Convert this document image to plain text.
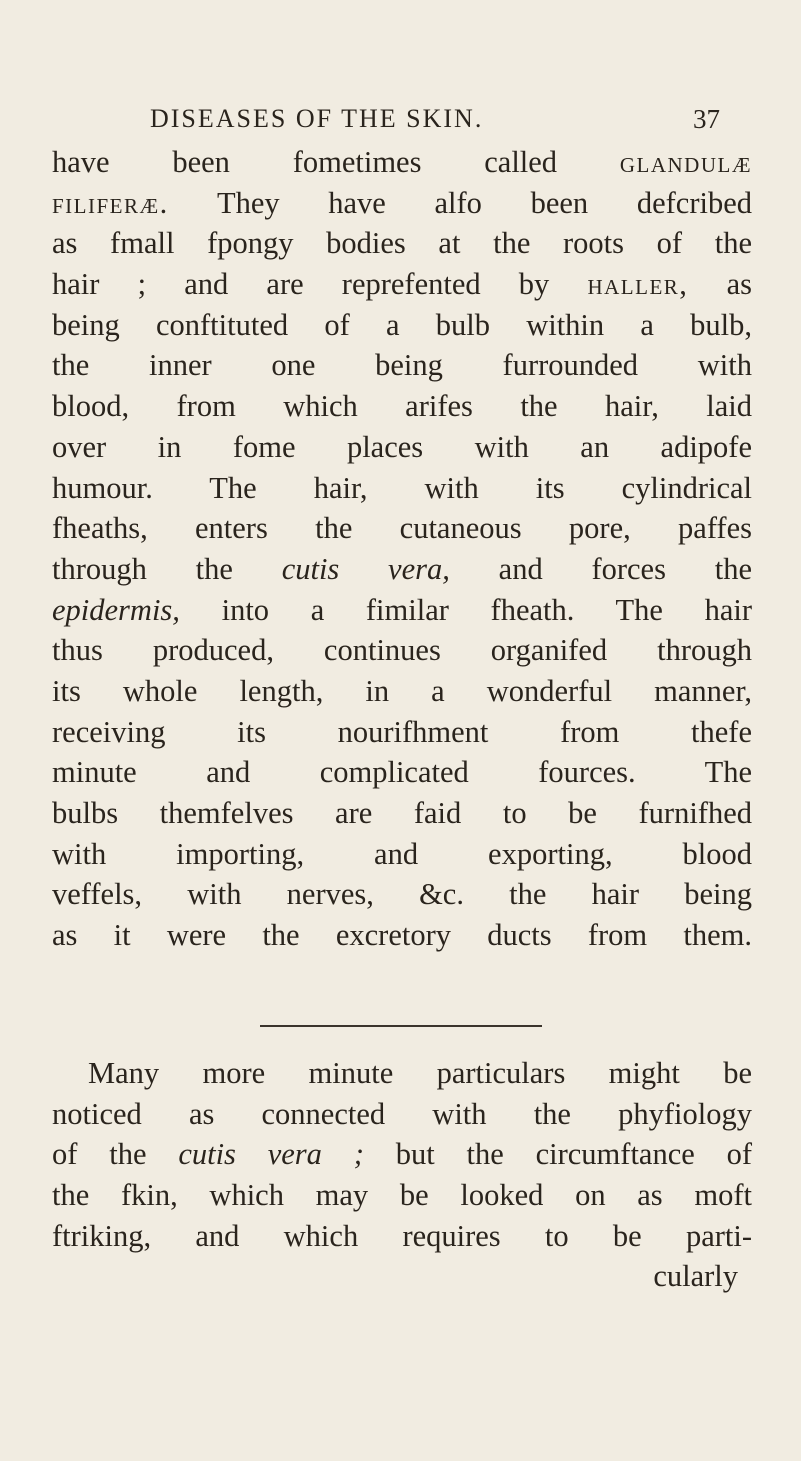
DISEASES OF THE SKIN.	37
have been fometimes called glandulæ
filiferæ. They have alfo been defcribed
as fmall fpongy bodies at the roots of the
hair ; and are reprefented by haller, as
being conftituted of a bulb within a bulb,
the inner one being furrounded with
blood, from which arifes the hair, laid
over in fome places with an adipofe
humour. The hair, with its cylindrical
fheaths, enters the cutaneous pore, paffes
through the cutis vera, and forces the
epidermis, into a fimilar fheath. The hair
thus produced, continues organifed through
its whole length, in a wonderful manner,
receiving its nourifhment from thefe
minute and complicated fources. The
bulbs themfelves are faid to be furnifhed
with importing, and exporting, blood
veffels, with nerves, &c. the hair being
as it were the excretory ducts from them.
Many more minute particulars might be
noticed as connected with the phyfiology
of the cutis vera ; but the circumftance of
the fkin, which may be looked on as moft
ftriking, and which requires to be parti-
cularly
